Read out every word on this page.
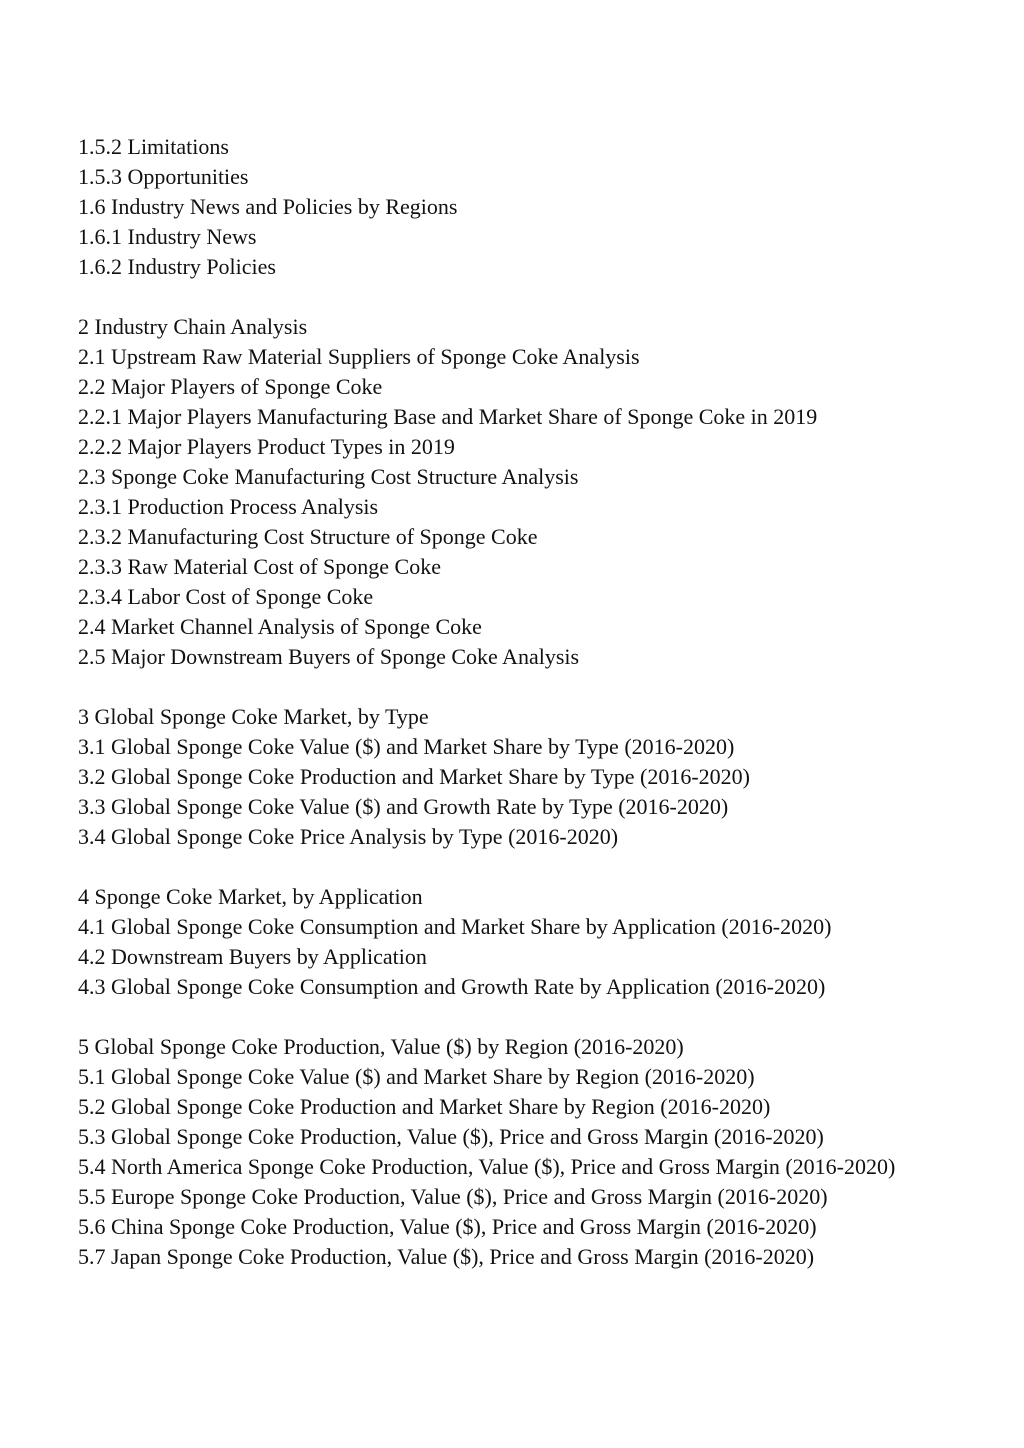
1.5.2 Limitations
1.5.3 Opportunities
1.6 Industry News and Policies by Regions
1.6.1 Industry News
1.6.2 Industry Policies
2 Industry Chain Analysis
2.1 Upstream Raw Material Suppliers of Sponge Coke Analysis
2.2 Major Players of Sponge Coke
2.2.1 Major Players Manufacturing Base and Market Share of Sponge Coke in 2019
2.2.2 Major Players Product Types in 2019
2.3 Sponge Coke Manufacturing Cost Structure Analysis
2.3.1 Production Process Analysis
2.3.2 Manufacturing Cost Structure of Sponge Coke
2.3.3 Raw Material Cost of Sponge Coke
2.3.4 Labor Cost of Sponge Coke
2.4 Market Channel Analysis of Sponge Coke
2.5 Major Downstream Buyers of Sponge Coke Analysis
3 Global Sponge Coke Market, by Type
3.1 Global Sponge Coke Value ($) and Market Share by Type (2016-2020)
3.2 Global Sponge Coke Production and Market Share by Type (2016-2020)
3.3 Global Sponge Coke Value ($) and Growth Rate by Type (2016-2020)
3.4 Global Sponge Coke Price Analysis by Type (2016-2020)
4 Sponge Coke Market, by Application
4.1 Global Sponge Coke Consumption and Market Share by Application (2016-2020)
4.2 Downstream Buyers by Application
4.3 Global Sponge Coke Consumption and Growth Rate by Application (2016-2020)
5 Global Sponge Coke Production, Value ($) by Region (2016-2020)
5.1 Global Sponge Coke Value ($) and Market Share by Region (2016-2020)
5.2 Global Sponge Coke Production and Market Share by Region (2016-2020)
5.3 Global Sponge Coke Production, Value ($), Price and Gross Margin (2016-2020)
5.4 North America Sponge Coke Production, Value ($), Price and Gross Margin (2016-2020)
5.5 Europe Sponge Coke Production, Value ($), Price and Gross Margin (2016-2020)
5.6 China Sponge Coke Production, Value ($), Price and Gross Margin (2016-2020)
5.7 Japan Sponge Coke Production, Value ($), Price and Gross Margin (2016-2020)
